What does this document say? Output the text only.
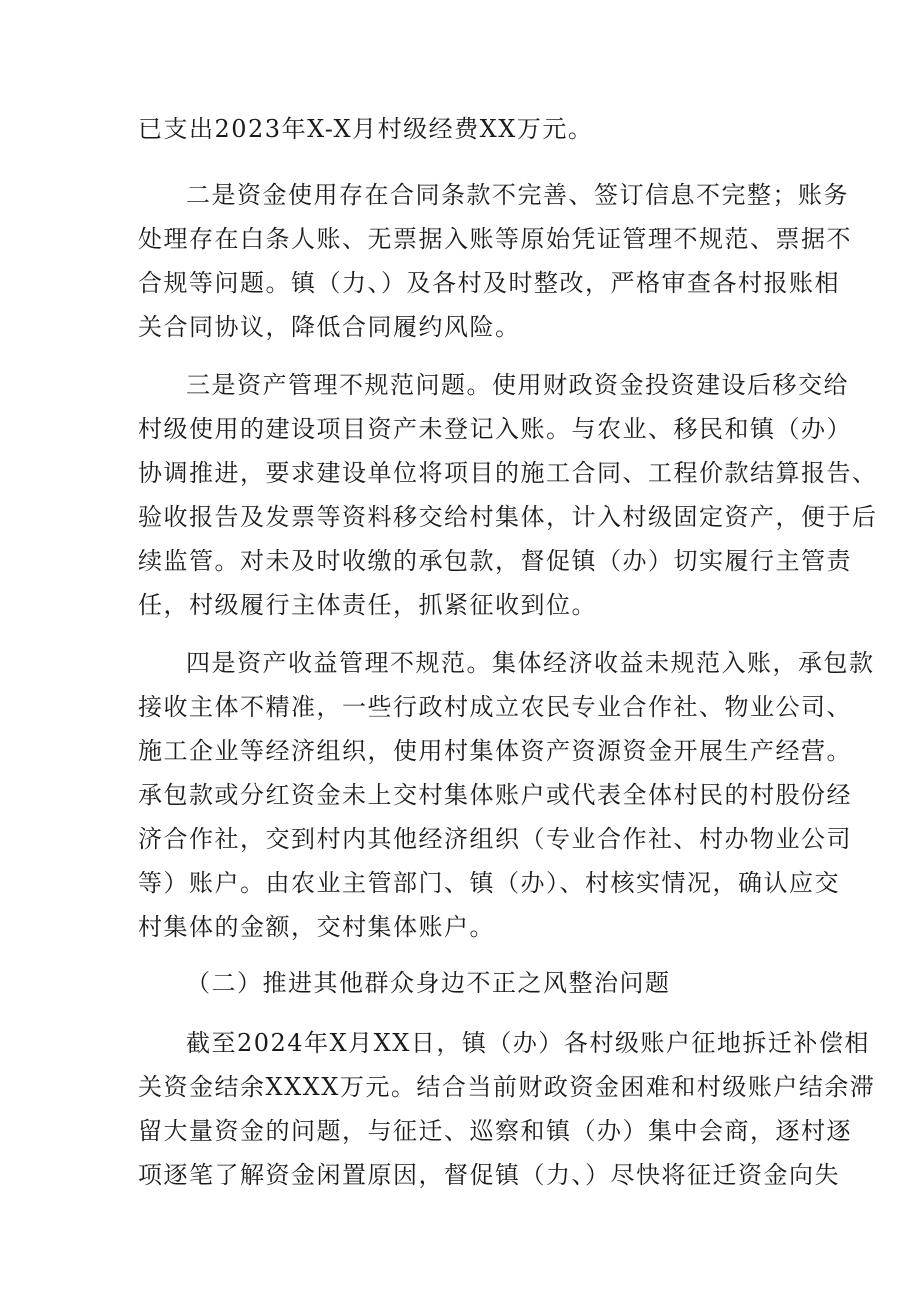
已支出2023年X-X月村级经费XX万元。

二是资金使用存在合同条款不完善、签订信息不完整；账务

处理存在白条人账、无票据入账等原始凭证管理不规范、票据不

合规等问题。镇（力、）及各村及时整改，严格审查各村报账相

关合同协议，降低合同履约风险。

三是资产管理不规范问题。使用财政资金投资建设后移交给

村级使用的建设项目资产未登记入账。与农业、移民和镇（办）

协调推进，要求建设单位将项目的施工合同、工程价款结算报告、

验收报告及发票等资料移交给村集体，计入村级固定资产，便于后

续监管。对未及时收缴的承包款，督促镇（办）切实履行主管责

任，村级履行主体责任，抓紧征收到位。

四是资产收益管理不规范。集体经济收益未规范入账，承包款

接收主体不精准，一些行政村成立农民专业合作社、物业公司、

施工企业等经济组织，使用村集体资产资源资金开展生产经营。

承包款或分红资金未上交村集体账户或代表全体村民的村股份经

济合作社，交到村内其他经济组织（专业合作社、村办物业公司

等）账户。由农业主管部门、镇（办）、村核实情况，确认应交

村集体的金额，交村集体账户。

（二）推进其他群众身边不正之风整治问题

截至2024年X月XX日，镇（办）各村级账户征地拆迁补偿相

关资金结余XXXX万元。结合当前财政资金困难和村级账户结余滞

留大量资金的问题，与征迁、巡察和镇（办）集中会商，逐村逐

项逐笔了解资金闲置原因，督促镇（力、）尽快将征迁资金向失
